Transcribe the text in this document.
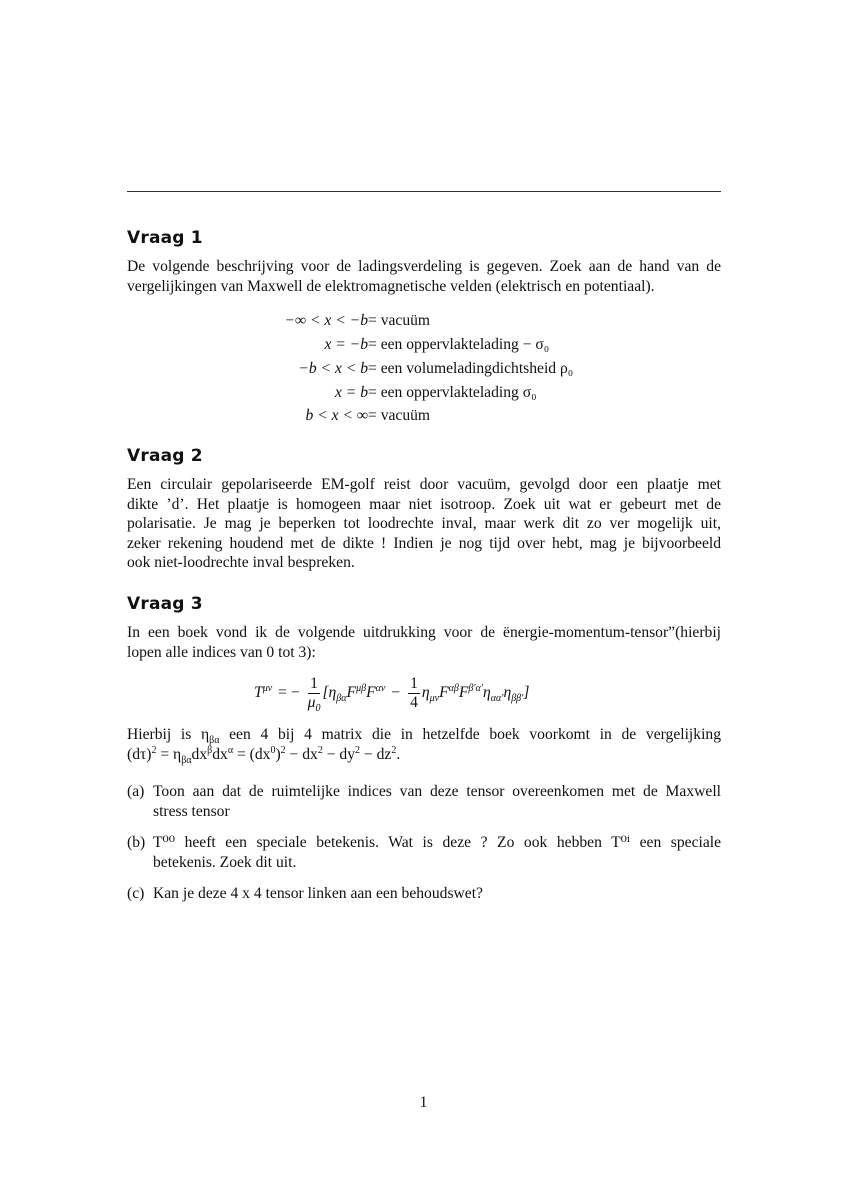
Vraag 1
De volgende beschrijving voor de ladingsverdeling is gegeven. Zoek aan de hand van de
vergelijkingen van Maxwell de elektromagnetische velden (elektrisch en potentiaal).
−∞ < x < −b = vacuüm
x = −b = een oppervlaktelading − σ₀
−b < x < b = een volumeladingdichtsheid ρ₀
x = b = een oppervlaktelading σ₀
b < x < ∞ = vacuüm
Vraag 2
Een circulair gepolariseerde EM-golf reist door vacuüm, gevolgd door een plaatje met
dikte ’d’. Het plaatje is homogeen maar niet isotroop. Zoek uit wat er gebeurt met de
polarisatie. Je mag je beperken tot loodrechte inval, maar werk dit zo ver mogelijk uit,
zeker rekening houdend met de dikte ! Indien je nog tijd over hebt, mag je bijvoorbeeld
ook niet-loodrechte inval bespreken.
Vraag 3
In een boek vond ik de volgende uitdrukking voor de ënergie-momentum-tensor”(hierbij
lopen alle indices van 0 tot 3):
$T^{\mu\nu}$ = − $\frac{1}{\mu_0} [\eta_{\beta\alpha}F^{\mu\beta}F^{\alpha\nu} - \frac{1}{4} \eta_{\mu\nu}F^{\alpha\beta}F^{\beta'\alpha'}\eta_{\alpha\alpha'}\eta_{\beta\beta'}]$
Hierbij is $\eta_{\beta\alpha}$ een 4 bij 4 matrix die in hetzelfde boek voorkomt in de vergelijking
$(d\tau)^2 = \eta_{\beta\alpha}dx^\beta dx^\alpha = (dx^0)^2 - dx^2 - dy^2 - dz^2$.
(a) Toon aan dat de ruimtelijke indices van deze tensor overeenkomen met de Maxwell
stress tensor
(b) T⁰⁰ heeft een speciale betekenis. Wat is deze ? Zo ook hebben T⁰ⁱ een speciale
betekenis. Zoek dit uit.
(c) Kan je deze 4 x 4 tensor linken aan een behoudswet?
1
